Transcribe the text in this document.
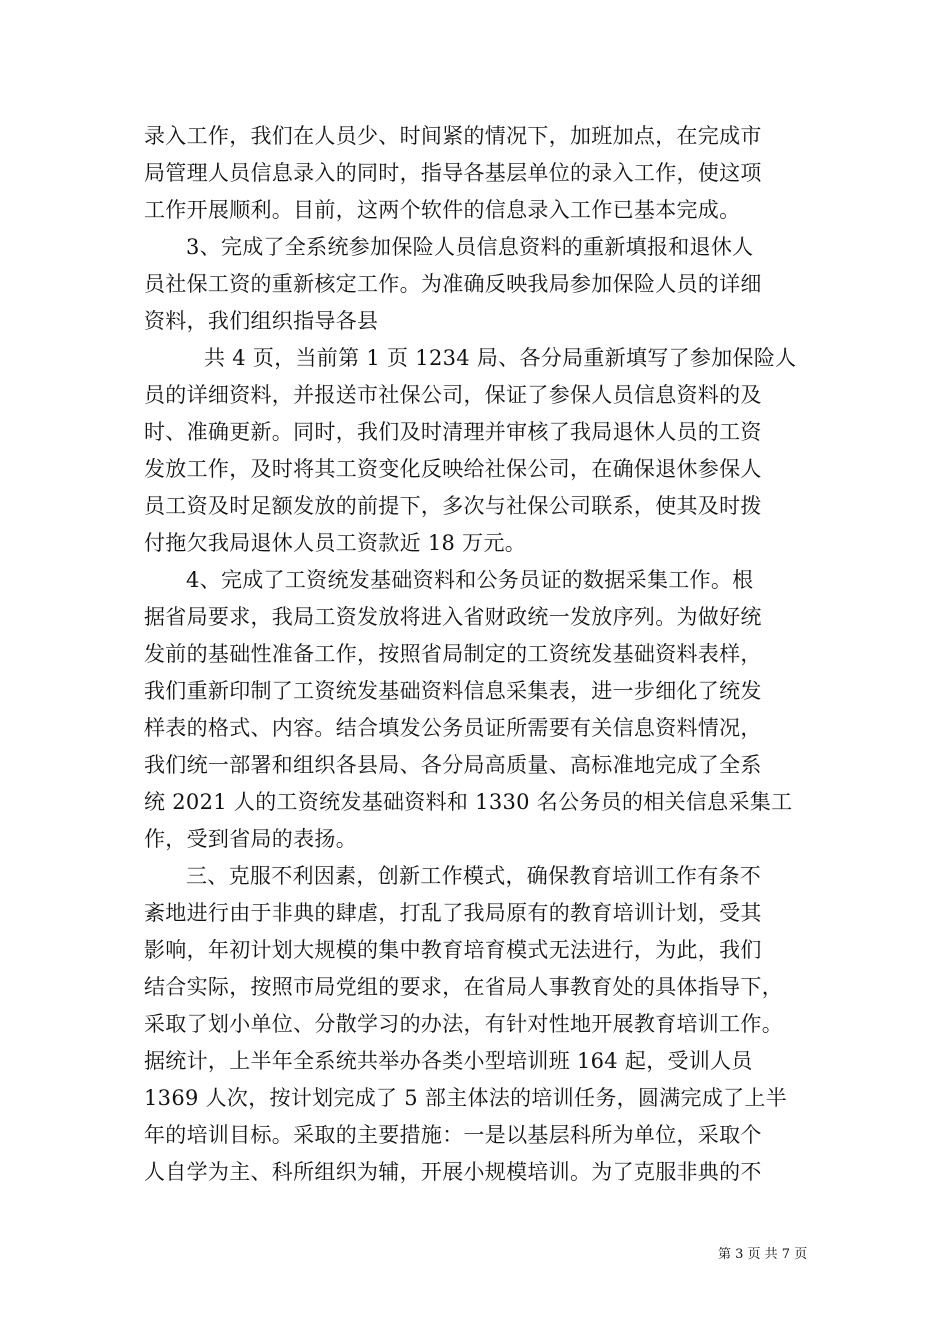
录入工作，我们在人员少、时间紧的情况下，加班加点，在完成市
局管理人员信息录入的同时，指导各基层单位的录入工作，使这项
工作开展顺利。目前，这两个软件的信息录入工作已基本完成。
3、完成了全系统参加保险人员信息资料的重新填报和退休人
员社保工资的重新核定工作。为准确反映我局参加保险人员的详细
资料，我们组织指导各县
共 4 页，当前第 1 页 1234 局、各分局重新填写了参加保险人
员的详细资料，并报送市社保公司，保证了参保人员信息资料的及
时、准确更新。同时，我们及时清理并审核了我局退休人员的工资
发放工作，及时将其工资变化反映给社保公司，在确保退休参保人
员工资及时足额发放的前提下，多次与社保公司联系，使其及时拨
付拖欠我局退休人员工资款近 18 万元。
4、完成了工资统发基础资料和公务员证的数据采集工作。根
据省局要求，我局工资发放将进入省财政统一发放序列。为做好统
发前的基础性准备工作，按照省局制定的工资统发基础资料表样，
我们重新印制了工资统发基础资料信息采集表，进一步细化了统发
样表的格式、内容。结合填发公务员证所需要有关信息资料情况，
我们统一部署和组织各县局、各分局高质量、高标准地完成了全系
统 2021 人的工资统发基础资料和 1330 名公务员的相关信息采集工
作，受到省局的表扬。
三、克服不利因素，创新工作模式，确保教育培训工作有条不
紊地进行由于非典的肆虐，打乱了我局原有的教育培训计划，受其
影响，年初计划大规模的集中教育培育模式无法进行，为此，我们
结合实际，按照市局党组的要求，在省局人事教育处的具体指导下，
采取了划小单位、分散学习的办法，有针对性地开展教育培训工作。
据统计，上半年全系统共举办各类小型培训班 164 起，受训人员
1369 人次，按计划完成了 5 部主体法的培训任务，圆满完成了上半
年的培训目标。采取的主要措施：一是以基层科所为单位，采取个
人自学为主、科所组织为辅，开展小规模培训。为了克服非典的不
第 3 页 共 7 页
